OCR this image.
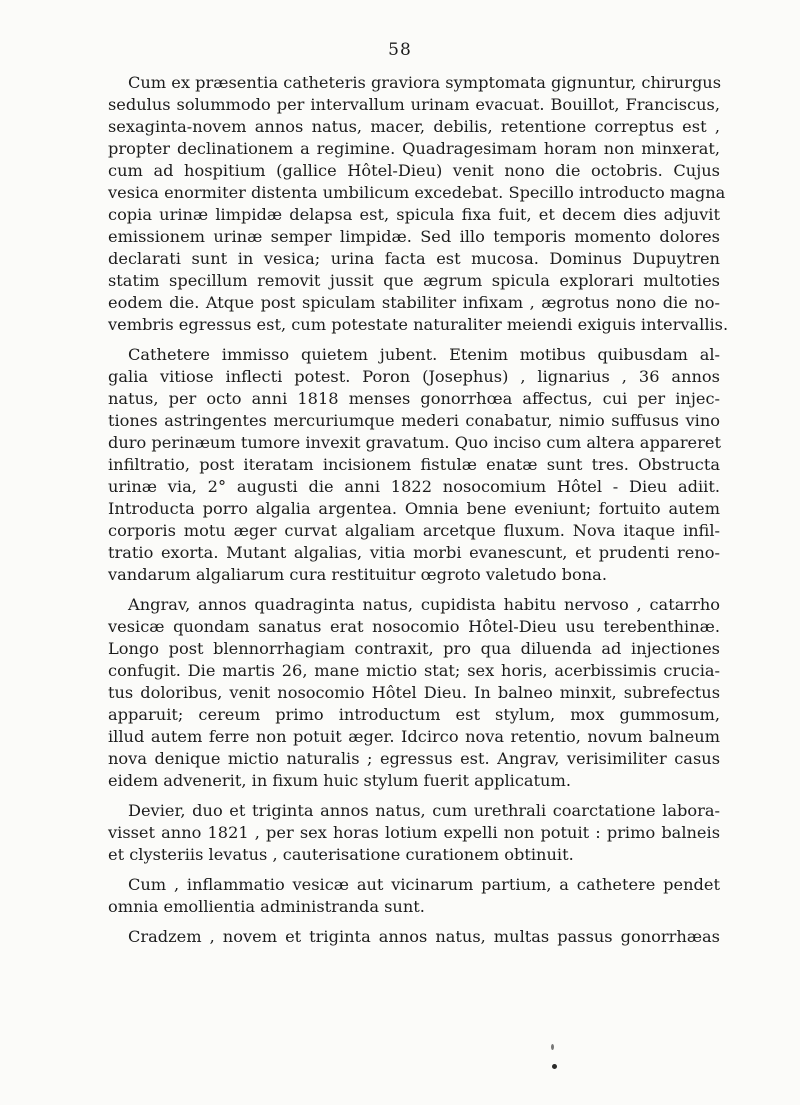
58
Cum ex præsentia catheteris graviora symptomata gignuntur, chirurgus
sedulus solummodo per intervallum urinam evacuat. Bouillot, Franciscus,
sexaginta-novem annos natus, macer, debilis, retentione correptus est ,
propter declinationem a regimine. Quadragesimam horam non minxerat,
cum ad hospitium (gallice Hôtel-Dieu) venit nono die octobris. Cujus
vesica enormiter distenta umbilicum excedebat. Specillo introducto magna
copia urinæ limpidæ delapsa est, spicula fixa fuit, et decem dies adjuvit
emissionem urinæ semper limpidæ. Sed illo temporis momento dolores
declarati sunt in vesica; urina facta est mucosa. Dominus Dupuytren
statim specillum removit jussit que ægrum spicula explorari multoties
eodem die. Atque post spiculam stabiliter infixam , ægrotus nono die no-
vembris egressus est, cum potestate naturaliter meiendi exiguis intervallis.
Cathetere immisso quietem jubent. Etenim motibus quibusdam al-
galia vitiose inflecti potest. Poron (Josephus) , lignarius , 36 annos
natus, per octo anni 1818 menses gonorrhœa affectus, cui per injec-
tiones astringentes mercuriumque mederi conabatur, nimio suffusus vino
duro perinæum tumore invexit gravatum. Quo inciso cum altera appareret
infiltratio, post iteratam incisionem fistulæ enatæ sunt tres. Obstructa
urinæ via, 2° augusti die anni 1822 nosocomium Hôtel - Dieu adiit.
Introducta porro algalia argentea. Omnia bene eveniunt; fortuito autem
corporis motu æger curvat algaliam arcetque fluxum. Nova itaque infil-
tratio exorta. Mutant algalias, vitia morbi evanescunt, et prudenti reno-
vandarum algaliarum cura restituitur œgroto valetudo bona.
Angrav, annos quadraginta natus, cupidista habitu nervoso , catarrho
vesicæ quondam sanatus erat nosocomio Hôtel-Dieu usu terebenthinæ.
Longo post blennorrhagiam contraxit, pro qua diluenda ad injectiones
confugit. Die martis 26, mane mictio stat; sex horis, acerbissimis crucia-
tus doloribus, venit nosocomio Hôtel Dieu. In balneo minxit, subrefectus
apparuit; cereum primo introductum est stylum, mox gummosum,
illud autem ferre non potuit æger. Idcirco nova retentio, novum balneum
nova denique mictio naturalis ; egressus est. Angrav, verisimiliter casus
eidem advenerit, in fixum huic stylum fuerit applicatum.
Devier, duo et triginta annos natus, cum urethrali coarctatione labora-
visset anno 1821 , per sex horas lotium expelli non potuit : primo balneis
et clysteriis levatus , cauterisatione curationem obtinuit.
Cum , inflammatio vesicæ aut vicinarum partium, a cathetere pendet
omnia emollientia administranda sunt.
Cradzem , novem et triginta annos natus, multas passus gonorrhæas
